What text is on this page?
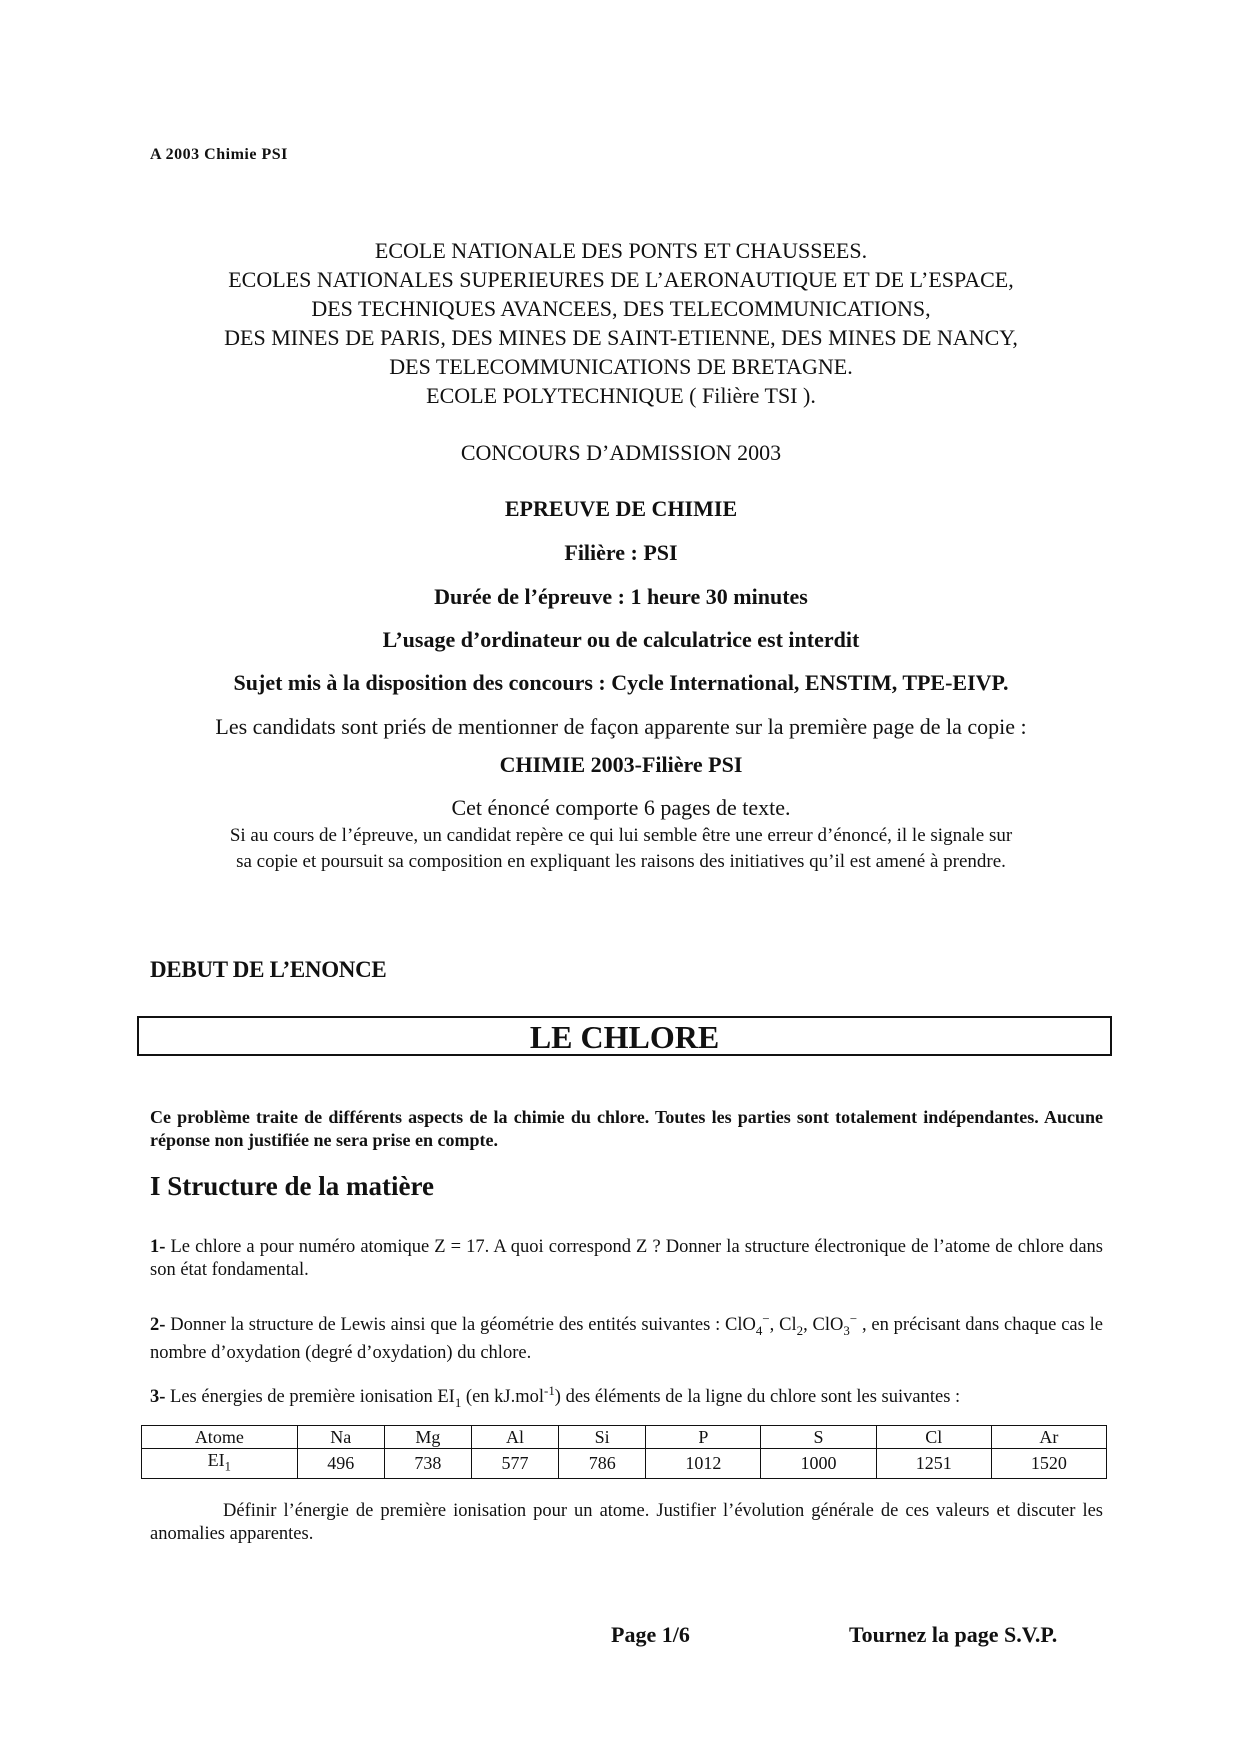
A 2003 Chimie PSI
ECOLE NATIONALE DES PONTS ET CHAUSSEES.
ECOLES NATIONALES SUPERIEURES DE L’AERONAUTIQUE ET DE L’ESPACE,
DES TECHNIQUES AVANCEES, DES TELECOMMUNICATIONS,
DES MINES DE PARIS, DES MINES DE SAINT-ETIENNE, DES MINES DE NANCY,
DES TELECOMMUNICATIONS DE BRETAGNE.
ECOLE POLYTECHNIQUE ( Filière TSI ).
CONCOURS D’ADMISSION 2003
EPREUVE DE CHIMIE
Filière : PSI
Durée de l’épreuve : 1 heure 30 minutes
L’usage d’ordinateur ou de calculatrice est interdit
Sujet mis à la disposition des concours : Cycle International, ENSTIM, TPE-EIVP.
Les candidats sont priés de mentionner de façon apparente sur la première page de la copie :
CHIMIE 2003-Filière PSI
Cet énoncé comporte 6 pages de texte.
Si au cours de l’épreuve, un candidat repère ce qui lui semble être une erreur d’énoncé, il le signale sur
sa copie et poursuit sa composition en expliquant les raisons des initiatives qu’il est amené à prendre.
DEBUT DE L’ENONCE
LE CHLORE
Ce problème traite de différents aspects de la chimie du chlore. Toutes les parties sont totalement indépendantes. Aucune réponse non justifiée ne sera prise en compte.
I Structure de la matière
1- Le chlore a pour numéro atomique Z = 17. A quoi correspond Z ? Donner la structure électronique de l’atome de chlore dans son état fondamental.
2- Donner la structure de Lewis ainsi que la géométrie des entités suivantes : ClO$_4$−, $Cl_2$, ClO$_3$− , en précisant dans chaque cas le nombre d’oxydation (degré d’oxydation) du chlore.
3- Les énergies de première ionisation $EI_1$ (en kJ.mol$^{-1}$) des éléments de la ligne du chlore sont les suivantes :
Atome	Na	Mg	Al	Si	P	S	Cl	Ar
$EI_1$	496	738	577	786	1012	1000	1251	1520
Définir l’énergie de première ionisation pour un atome. Justifier l’évolution générale de ces valeurs et discuter les anomalies apparentes.
Page 1/6	Tournez la page S.V.P.
